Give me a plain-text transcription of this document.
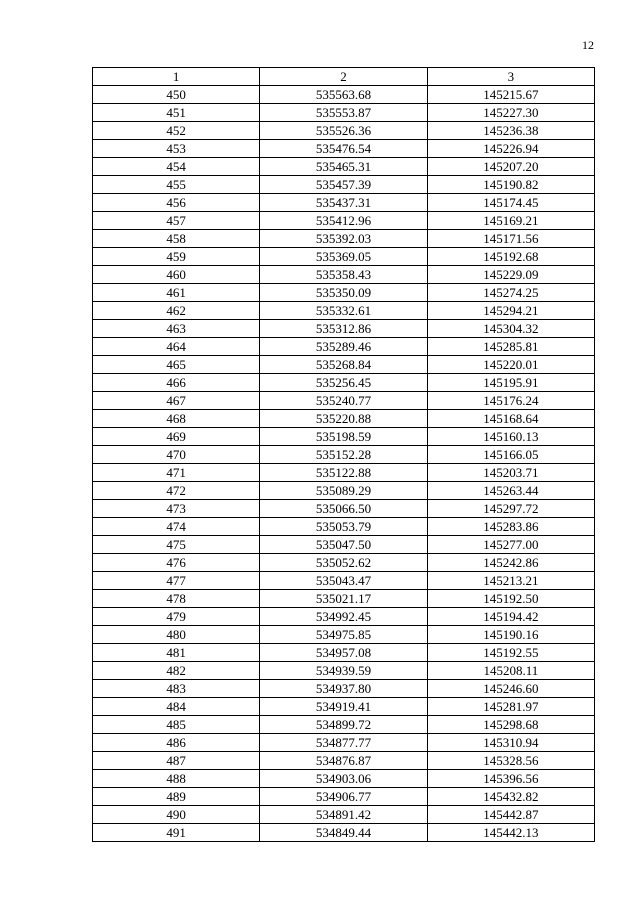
12
1	2	3
450	535563.68	145215.67
451	535553.87	145227.30
452	535526.36	145236.38
453	535476.54	145226.94
454	535465.31	145207.20
455	535457.39	145190.82
456	535437.31	145174.45
457	535412.96	145169.21
458	535392.03	145171.56
459	535369.05	145192.68
460	535358.43	145229.09
461	535350.09	145274.25
462	535332.61	145294.21
463	535312.86	145304.32
464	535289.46	145285.81
465	535268.84	145220.01
466	535256.45	145195.91
467	535240.77	145176.24
468	535220.88	145168.64
469	535198.59	145160.13
470	535152.28	145166.05
471	535122.88	145203.71
472	535089.29	145263.44
473	535066.50	145297.72
474	535053.79	145283.86
475	535047.50	145277.00
476	535052.62	145242.86
477	535043.47	145213.21
478	535021.17	145192.50
479	534992.45	145194.42
480	534975.85	145190.16
481	534957.08	145192.55
482	534939.59	145208.11
483	534937.80	145246.60
484	534919.41	145281.97
485	534899.72	145298.68
486	534877.77	145310.94
487	534876.87	145328.56
488	534903.06	145396.56
489	534906.77	145432.82
490	534891.42	145442.87
491	534849.44	145442.13
